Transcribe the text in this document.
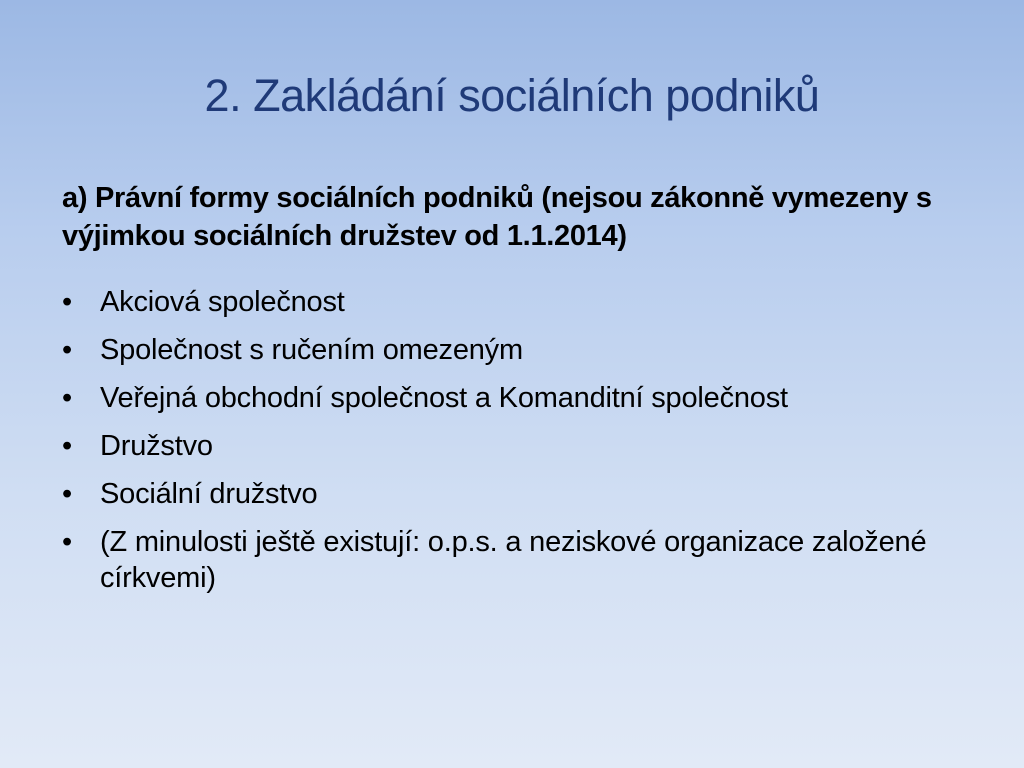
2. Zakládání sociálních podniků
a) Právní formy sociálních podniků (nejsou zákonně vymezeny s výjimkou sociálních družstev od 1.1.2014)
• Akciová společnost
• Společnost s ručením omezeným
• Veřejná obchodní společnost a Komanditní společnost
• Družstvo
• Sociální družstvo
• (Z minulosti ještě existují: o.p.s. a neziskové organizace založené církvemi)
